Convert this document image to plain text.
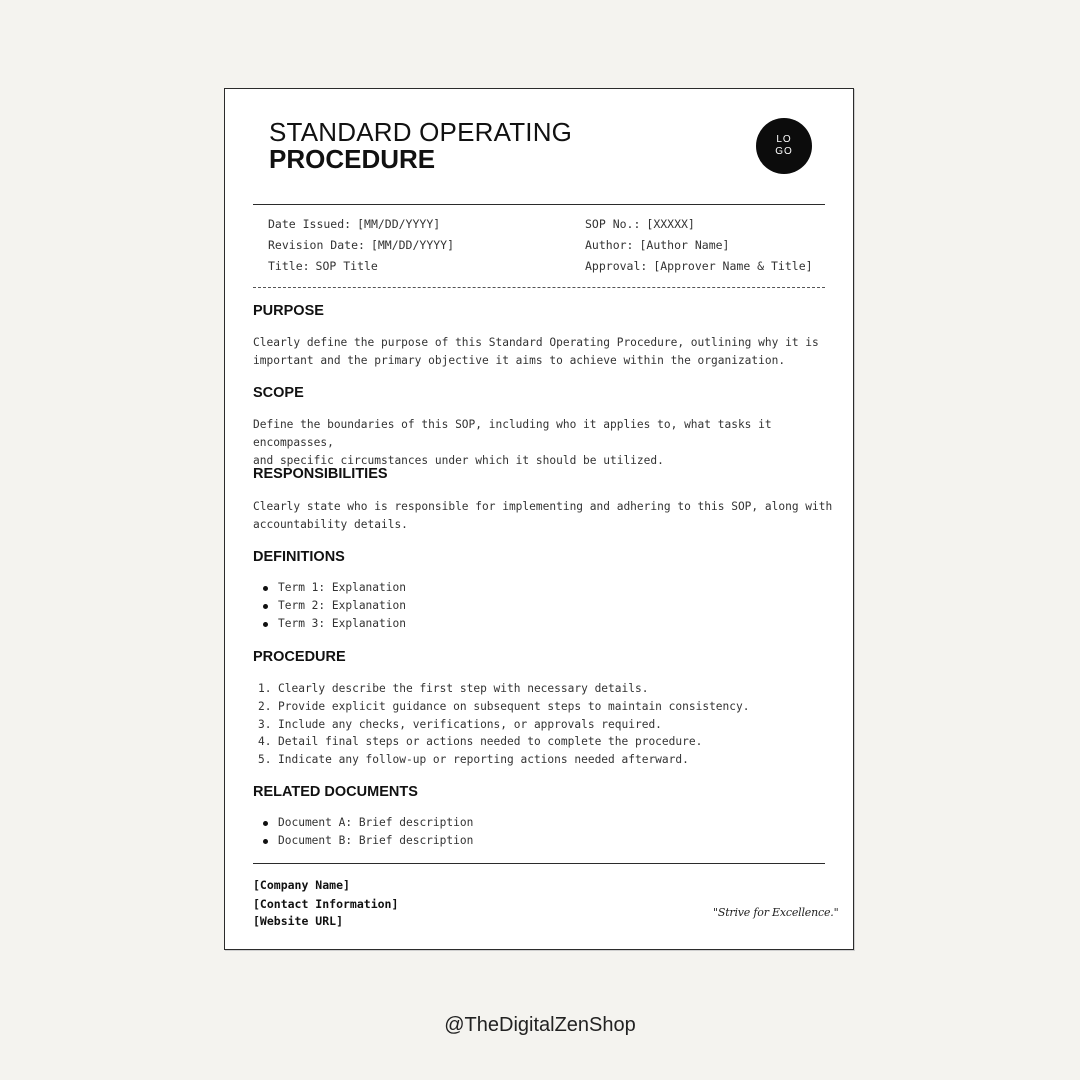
STANDARD OPERATING
PROCEDURE
LOGO
Date Issued: [MM/DD/YYYY]
Revision Date: [MM/DD/YYYY]
Title: SOP Title
SOP No.: [XXXXX]
Author: [Author Name]
Approval: [Approver Name & Title]
PURPOSE
Clearly define the purpose of this Standard Operating Procedure, outlining why it is
important and the primary objective it aims to achieve within the organization.
SCOPE
Define the boundaries of this SOP, including who it applies to, what tasks it encompasses,
and specific circumstances under which it should be utilized.
RESPONSIBILITIES
Clearly state who is responsible for implementing and adhering to this SOP, along with
accountability details.
DEFINITIONS
Term 1: Explanation
Term 2: Explanation
Term 3: Explanation
PROCEDURE
1. Clearly describe the first step with necessary details.
2. Provide explicit guidance on subsequent steps to maintain consistency.
3. Include any checks, verifications, or approvals required.
4. Detail final steps or actions needed to complete the procedure.
5. Indicate any follow-up or reporting actions needed afterward.
RELATED DOCUMENTS
Document A: Brief description
Document B: Brief description
[Company Name]
[Contact Information]
[Website URL]
"Strive for Excellence."
@TheDigitalZenShop
